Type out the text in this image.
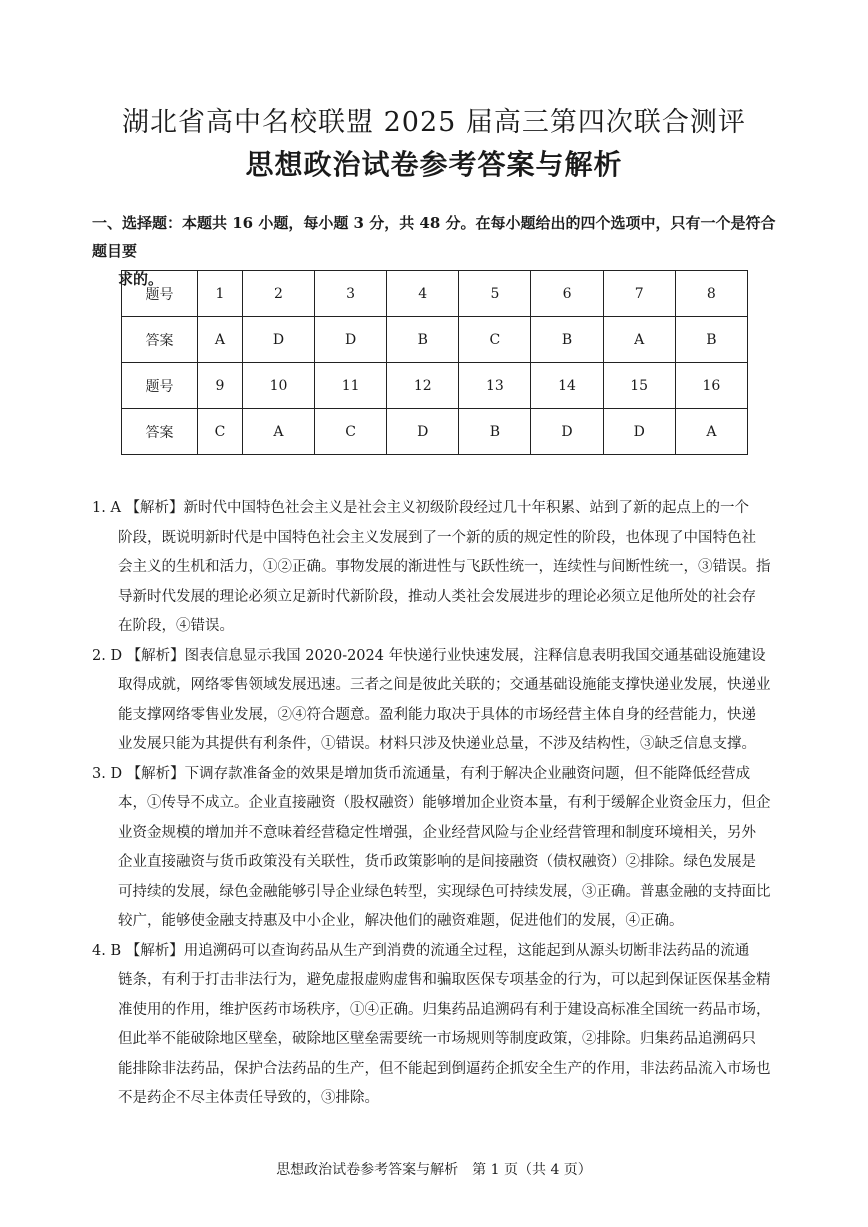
湖北省高中名校联盟 2025 届高三第四次联合测评
思想政治试卷参考答案与解析
一、选择题：本题共 16 小题，每小题 3 分，共 48 分。在每小题给出的四个选项中，只有一个是符合题目要
求的。
题号	1	2	3	4	5	6	7	8
答案	A	D	D	B	C	B	A	B
题号	9	10	11	12	13	14	15	16
答案	C	A	C	D	B	D	D	A
1. A 【解析】新时代中国特色社会主义是社会主义初级阶段经过几十年积累、站到了新的起点上的一个
阶段，既说明新时代是中国特色社会主义发展到了一个新的质的规定性的阶段，也体现了中国特色社
会主义的生机和活力，①②正确。事物发展的渐进性与飞跃性统一，连续性与间断性统一，③错误。指
导新时代发展的理论必须立足新时代新阶段，推动人类社会发展进步的理论必须立足他所处的社会存
在阶段，④错误。
2. D 【解析】图表信息显示我国 2020-2024 年快递行业快速发展，注释信息表明我国交通基础设施建设
取得成就，网络零售领域发展迅速。三者之间是彼此关联的；交通基础设施能支撑快递业发展，快递业
能支撑网络零售业发展，②④符合题意。盈利能力取决于具体的市场经营主体自身的经营能力，快递
业发展只能为其提供有利条件，①错误。材料只涉及快递业总量，不涉及结构性，③缺乏信息支撑。
3. D 【解析】下调存款准备金的效果是增加货币流通量，有利于解决企业融资问题，但不能降低经营成
本，①传导不成立。企业直接融资（股权融资）能够增加企业资本量，有利于缓解企业资金压力，但企
业资金规模的增加并不意味着经营稳定性增强，企业经营风险与企业经营管理和制度环境相关，另外
企业直接融资与货币政策没有关联性，货币政策影响的是间接融资（债权融资）②排除。绿色发展是
可持续的发展，绿色金融能够引导企业绿色转型，实现绿色可持续发展，③正确。普惠金融的支持面比
较广，能够使金融支持惠及中小企业，解决他们的融资难题，促进他们的发展，④正确。
4. B 【解析】用追溯码可以查询药品从生产到消费的流通全过程，这能起到从源头切断非法药品的流通
链条，有利于打击非法行为，避免虚报虚购虚售和骗取医保专项基金的行为，可以起到保证医保基金精
准使用的作用，维护医药市场秩序，①④正确。归集药品追溯码有利于建设高标准全国统一药品市场，
但此举不能破除地区壁垒，破除地区壁垒需要统一市场规则等制度政策，②排除。归集药品追溯码只
能排除非法药品，保护合法药品的生产，但不能起到倒逼药企抓安全生产的作用，非法药品流入市场也
不是药企不尽主体责任导致的，③排除。
思想政治试卷参考答案与解析　第 1 页（共 4 页）
